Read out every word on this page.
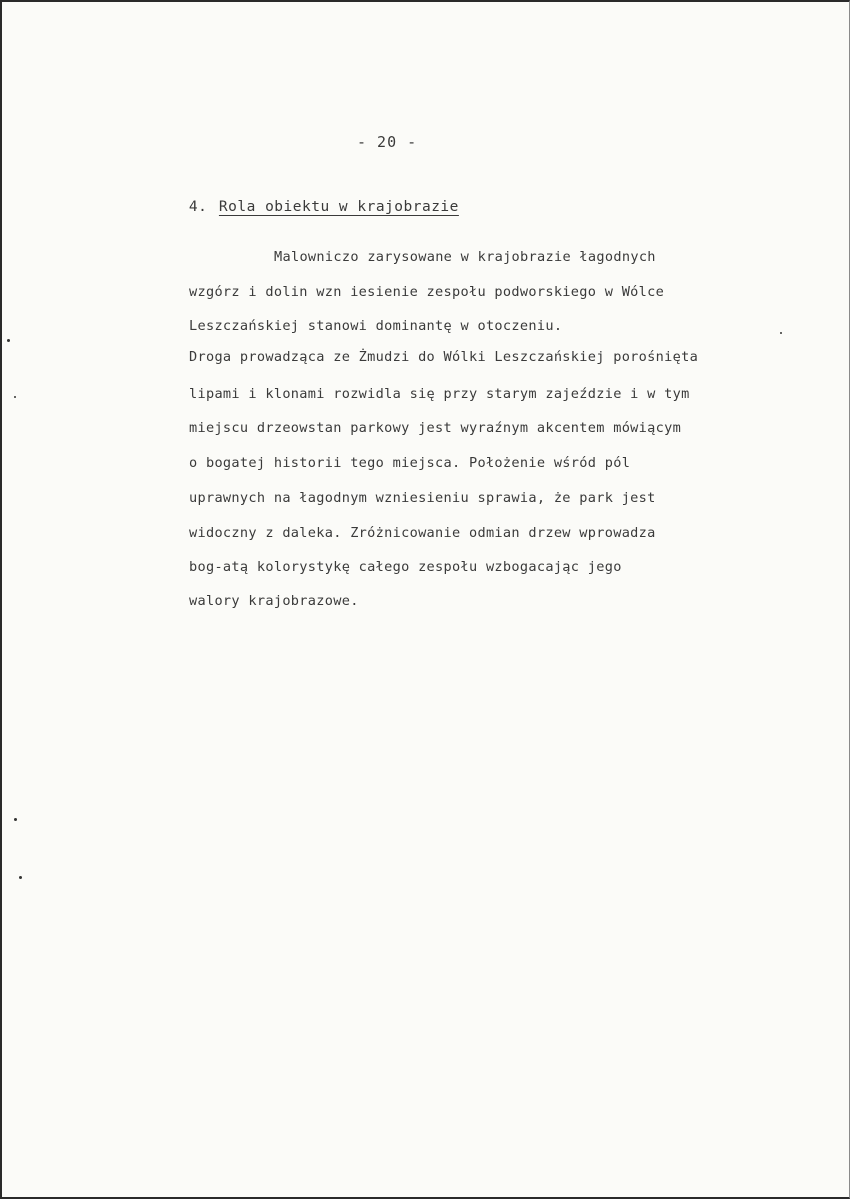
- 20 -

4. Rola obiektu w krajobrazie

Malowniczo zarysowane w krajobrazie łagodnych
wzgórz i dolin wzn iesienie zespołu podworskiego w Wólce
Leszczańskiej stanowi dominantę w otoczeniu.
Droga prowadząca ze Żmudzi do Wólki Leszczańskiej porośnięta
lipami i klonami rozwidla się przy starym zajeździe i w tym
miejscu drzeowstan parkowy jest wyraźnym akcentem mówiącym
o bogatej historii tego miejsca. Położenie wśród pól
uprawnych na łagodnym wzniesieniu sprawia, że park jest
widoczny z daleka. Zróżnicowanie odmian drzew wprowadza
bog-atą kolorystykę całego zespołu wzbogacając jego
walory krajobrazowe.
